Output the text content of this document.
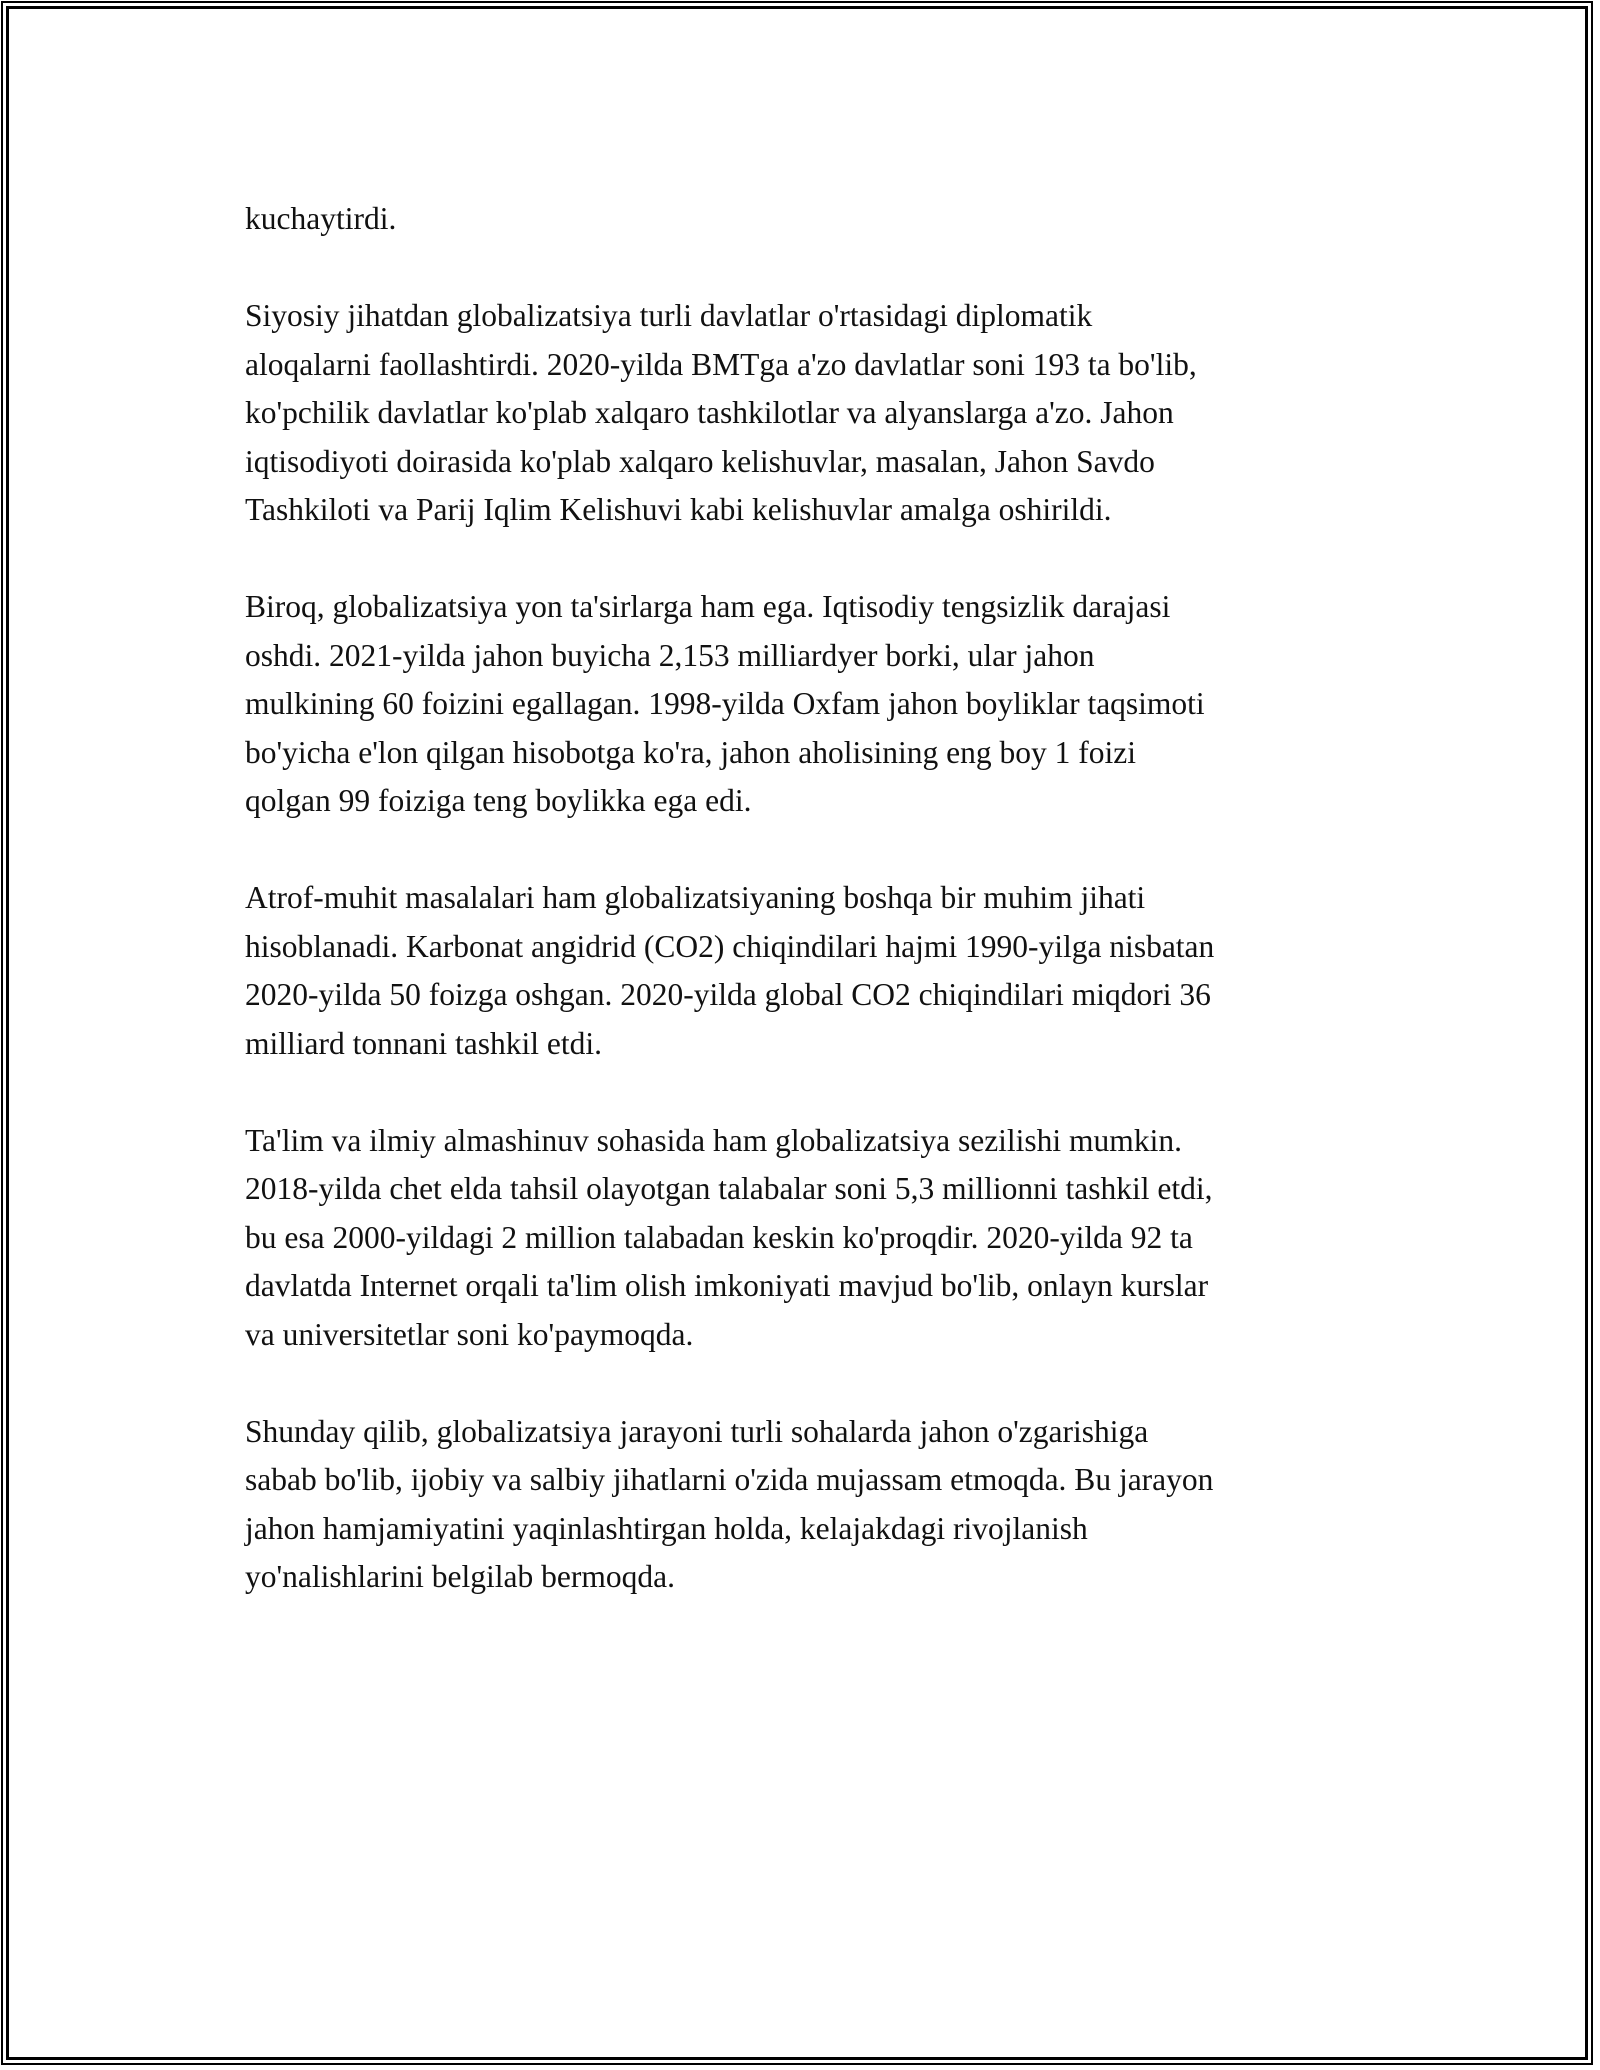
kuchaytirdi.

Siyosiy jihatdan globalizatsiya turli davlatlar o'rtasidagi diplomatik
aloqalarni faollashtirdi. 2020-yilda BMTga a'zo davlatlar soni 193 ta bo'lib,
ko'pchilik davlatlar ko'plab xalqaro tashkilotlar va alyanslarga a'zo. Jahon
iqtisodiyoti doirasida ko'plab xalqaro kelishuvlar, masalan, Jahon Savdo
Tashkiloti va Parij Iqlim Kelishuvi kabi kelishuvlar amalga oshirildi.

Biroq, globalizatsiya yon ta'sirlarga ham ega. Iqtisodiy tengsizlik darajasi
oshdi. 2021-yilda jahon buyicha 2,153 milliardyer borki, ular jahon
mulkining 60 foizini egallagan. 1998-yilda Oxfam jahon boyliklar taqsimoti
bo'yicha e'lon qilgan hisobotga ko'ra, jahon aholisining eng boy 1 foizi
qolgan 99 foiziga teng boylikka ega edi.

Atrof-muhit masalalari ham globalizatsiyaning boshqa bir muhim jihati
hisoblanadi. Karbonat angidrid (CO2) chiqindilari hajmi 1990-yilga nisbatan
2020-yilda 50 foizga oshgan. 2020-yilda global CO2 chiqindilari miqdori 36
milliard tonnani tashkil etdi.

Ta'lim va ilmiy almashinuv sohasida ham globalizatsiya sezilishi mumkin.
2018-yilda chet elda tahsil olayotgan talabalar soni 5,3 millionni tashkil etdi,
bu esa 2000-yildagi 2 million talabadan keskin ko'proqdir. 2020-yilda 92 ta
davlatda Internet orqali ta'lim olish imkoniyati mavjud bo'lib, onlayn kurslar
va universitetlar soni ko'paymoqda.

Shunday qilib, globalizatsiya jarayoni turli sohalarda jahon o'zgarishiga
sabab bo'lib, ijobiy va salbiy jihatlarni o'zida mujassam etmoqda. Bu jarayon
jahon hamjamiyatini yaqinlashtirgan holda, kelajakdagi rivojlanish
yo'nalishlarini belgilab bermoqda.
